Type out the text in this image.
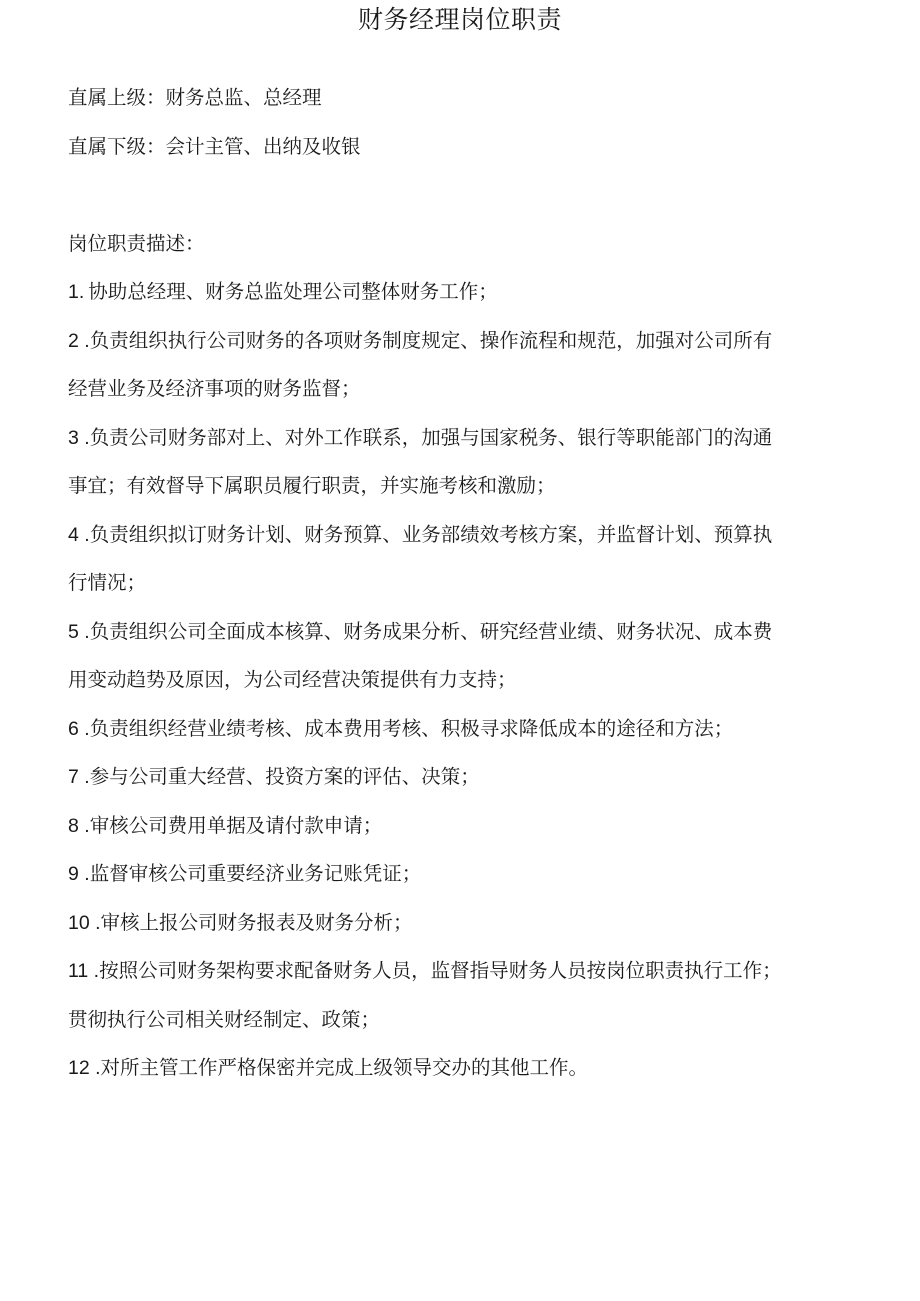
财务经理岗位职责
直属上级：财务总监、总经理
直属下级：会计主管、出纳及收银
岗位职责描述：
1. 协助总经理、财务总监处理公司整体财务工作；
2 .负责组织执行公司财务的各项财务制度规定、操作流程和规范，加强对公司所有
经营业务及经济事项的财务监督；
3 .负责公司财务部对上、对外工作联系，加强与国家税务、银行等职能部门的沟通
事宜；有效督导下属职员履行职责，并实施考核和激励；
4 .负责组织拟订财务计划、财务预算、业务部绩效考核方案，并监督计划、预算执
行情况；
5 .负责组织公司全面成本核算、财务成果分析、研究经营业绩、财务状况、成本费
用变动趋势及原因，为公司经营决策提供有力支持；
6 .负责组织经营业绩考核、成本费用考核、积极寻求降低成本的途径和方法；
7 .参与公司重大经营、投资方案的评估、决策；
8 .审核公司费用单据及请付款申请；
9 .监督审核公司重要经济业务记账凭证；
10 .审核上报公司财务报表及财务分析；
11 .按照公司财务架构要求配备财务人员，监督指导财务人员按岗位职责执行工作；
贯彻执行公司相关财经制定、政策；
12 .对所主管工作严格保密并完成上级领导交办的其他工作。
